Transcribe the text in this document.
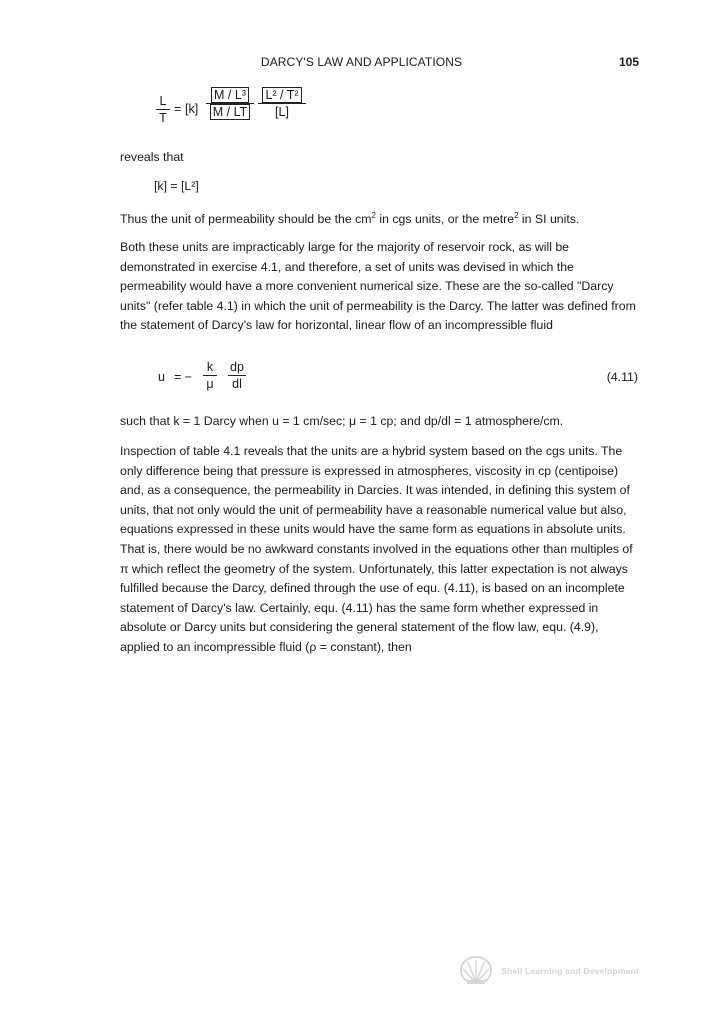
DARCY'S LAW AND APPLICATIONS	105
L
T
= [k]
M / L³
M / LT
L² / T²
[L]

reveals that

[k] = [L²]

Thus the unit of permeability should be the $cm^2$ in cgs units, or the metre$^2$ in SI units.

Both these units are impracticably large for the majority of reservoir rock, as will be demonstrated in exercise 4.1, and therefore, a set of units was devised in which the permeability would have a more convenient numerical size. These are the so-called "Darcy units" (refer table 4.1) in which the unit of permeability is the Darcy. The latter was defined from the statement of Darcy's law for horizontal, linear flow of an incompressible fluid

u = −
k
μ
dp
dl	(4.11)

such that k = 1 Darcy when u = 1 cm/sec; μ = 1 cp; and dp/dl = 1 atmosphere/cm.

Inspection of table 4.1 reveals that the units are a hybrid system based on the cgs units. The only difference being that pressure is expressed in atmospheres, viscosity in cp (centipoise) and, as a consequence, the permeability in Darcies. It was intended, in defining this system of units, that not only would the unit of permeability have a reasonable numerical value but also, equations expressed in these units would have the same form as equations in absolute units. That is, there would be no awkward constants involved in the equations other than multiples of π which reflect the geometry of the system. Unfortunately, this latter expectation is not always fulfilled because the Darcy, defined through the use of equ. (4.11), is based on an incomplete statement of Darcy's law. Certainly, equ. (4.11) has the same form whether expressed in absolute or Darcy units but considering the general statement of the flow law, equ. (4.9), applied to an incompressible fluid (ρ = constant), then

Shell Learning and Development
